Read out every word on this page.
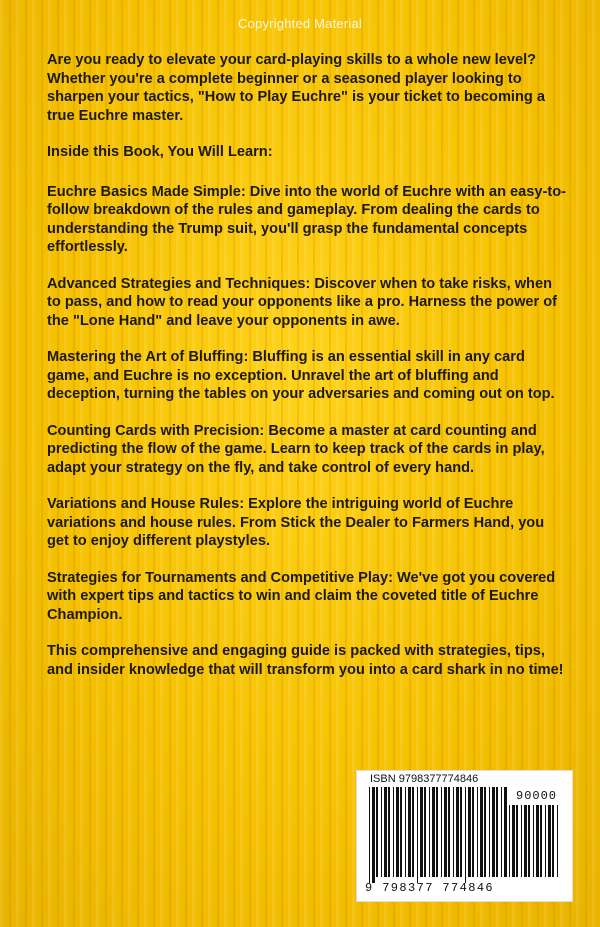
Copyrighted Material

Are you ready to elevate your card-playing skills to a whole new level? Whether you're a complete beginner or a seasoned player looking to sharpen your tactics, "How to Play Euchre" is your ticket to becoming a true Euchre master.

Inside this Book, You Will Learn:

Euchre Basics Made Simple: Dive into the world of Euchre with an easy-to-follow breakdown of the rules and gameplay. From dealing the cards to understanding the Trump suit, you'll grasp the fundamental concepts effortlessly.

Advanced Strategies and Techniques: Discover when to take risks, when to pass, and how to read your opponents like a pro. Harness the power of the "Lone Hand" and leave your opponents in awe.

Mastering the Art of Bluffing: Bluffing is an essential skill in any card game, and Euchre is no exception. Unravel the art of bluffing and deception, turning the tables on your adversaries and coming out on top.

Counting Cards with Precision: Become a master at card counting and predicting the flow of the game. Learn to keep track of the cards in play, adapt your strategy on the fly, and take control of every hand.

Variations and House Rules: Explore the intriguing world of Euchre variations and house rules. From Stick the Dealer to Farmers Hand, you get to enjoy different playstyles.

Strategies for Tournaments and Competitive Play: We've got you covered with expert tips and tactics to win and claim the coveted title of Euchre Champion.

This comprehensive and engaging guide is packed with strategies, tips, and insider knowledge that will transform you into a card shark in no time!

ISBN 9798377774846
90000
9 798377 774846
